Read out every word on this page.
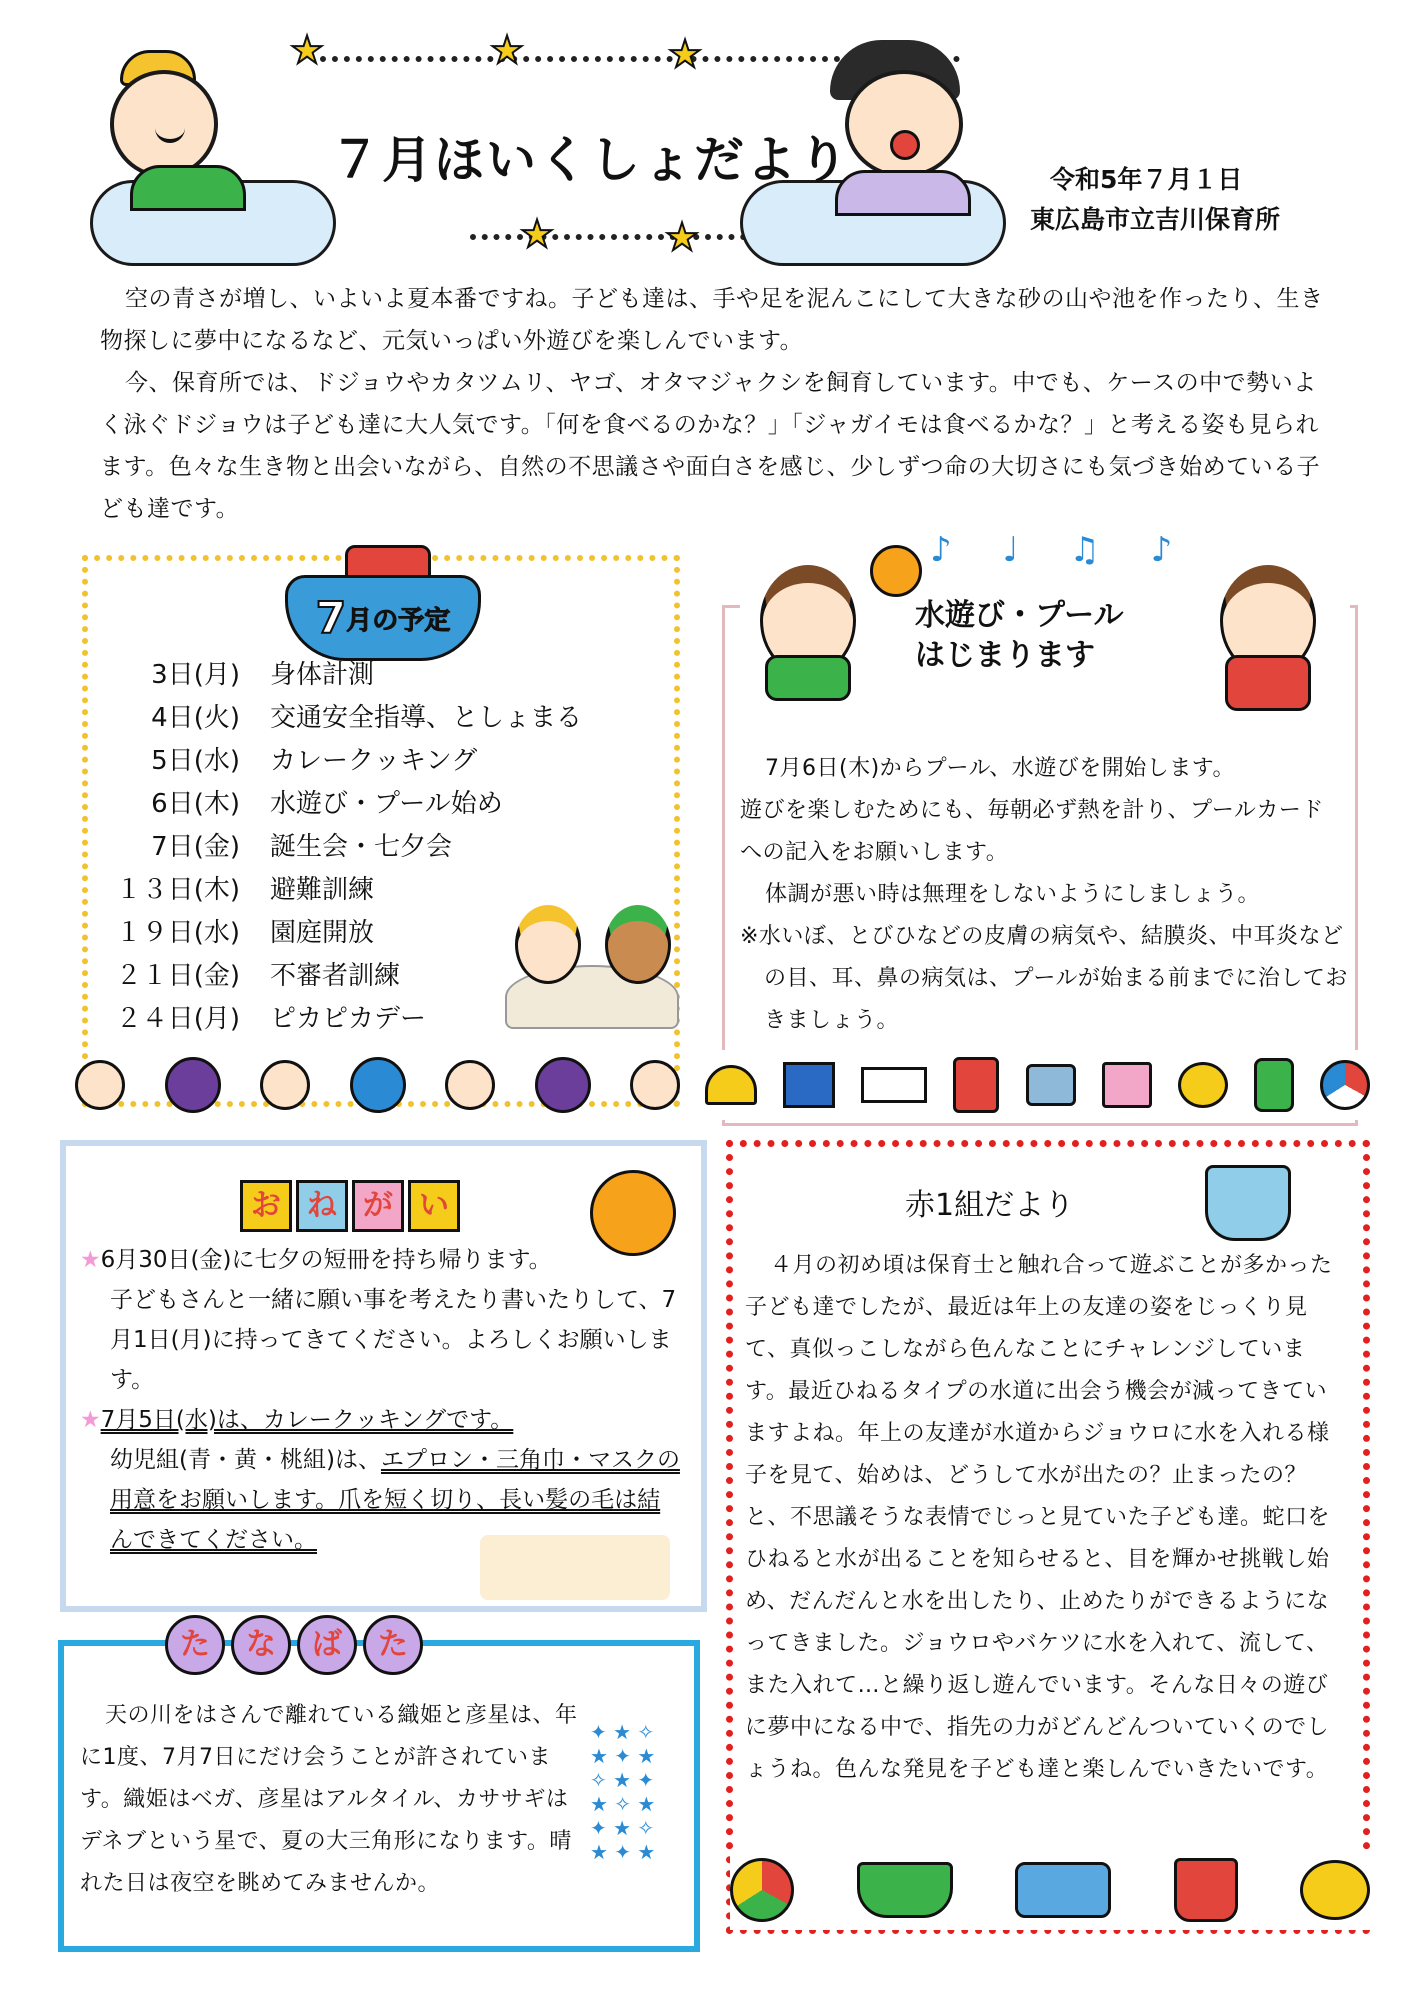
★	★	★
★	★
７月ほいくしょだより	令和5年７月１日
東広島市立吉川保育所
空の青さが増し、いよいよ夏本番ですね。子ども達は、手や足を泥んこにして大きな砂の山や池を作ったり、生き物探しに夢中になるなど、元気いっぱい外遊びを楽しんでいます。
今、保育所では、ドジョウやカタツムリ、ヤゴ、オタマジャクシを飼育しています。中でも、ケースの中で勢いよく泳ぐドジョウは子ども達に大人気です。「何を食べるのかな？」「ジャガイモは食べるかな？」と考える姿も見られます。色々な生き物と出会いながら、自然の不思議さや面白さを感じ、少しずつ命の大切さにも気づき始めている子ども達です。
7 月の予定
3日(月) 身体計測
4日(火) 交通安全指導、としょまる
5日(水) カレークッキング
6日(木) 水遊び・プール始め
7日(金) 誕生会・七夕会
１３日(木) 避難訓練
１９日(水) 園庭開放
２１日(金) 不審者訓練
２４日(月) ピカピカデー
♪ ♩ ♫ ♪
水遊び・プール
はじまります
7月6日(木)からプール、水遊びを開始します。
遊びを楽しむためにも、毎朝必ず熱を計り、プールカードへの記入をお願いします。
体調が悪い時は無理をしないようにしましょう。
※水いぼ、とびひなどの皮膚の病気や、結膜炎、中耳炎などの目、耳、鼻の病気は、プールが始まる前までに治しておきましょう。
お ね が い
★6月30日(金)に七夕の短冊を持ち帰ります。
子どもさんと一緒に願い事を考えたり書いたりして、7月1日(月)に持ってきてください。よろしくお願いします。
★7月5日(水)は、カレークッキングです。
幼児組(青・黄・桃組)は、エプロン・三角巾・マスクの用意をお願いします。爪を短く切り、長い髪の毛は結んできてください。
た	な	ば	た
天の川をはさんで離れている織姫と彦星は、年に1度、7月7日にだけ会うことが許されています。織姫はベガ、彦星はアルタイル、カササギはデネブという星で、夏の大三角形になります。晴れた日は夜空を眺めてみませんか。
✦ ★ ✧
★ ✦ ★
✧ ★ ✦
★ ✧ ★
✦ ★ ✧
★ ✦ ★
赤1組だより
４月の初め頃は保育士と触れ合って遊ぶことが多かった子ども達でしたが、最近は年上の友達の姿をじっくり見て、真似っこしながら色んなことにチャレンジしています。最近ひねるタイプの水道に出会う機会が減ってきていますよね。年上の友達が水道からジョウロに水を入れる様子を見て、始めは、どうして水が出たの？止まったの？と、不思議そうな表情でじっと見ていた子ども達。蛇口をひねると水が出ることを知らせると、目を輝かせ挑戦し始め、だんだんと水を出したり、止めたりができるようになってきました。ジョウロやバケツに水を入れて、流して、また入れて…と繰り返し遊んでいます。そんな日々の遊びに夢中になる中で、指先の力がどんどんついていくのでしょうね。色んな発見を子ども達と楽しんでいきたいです。
